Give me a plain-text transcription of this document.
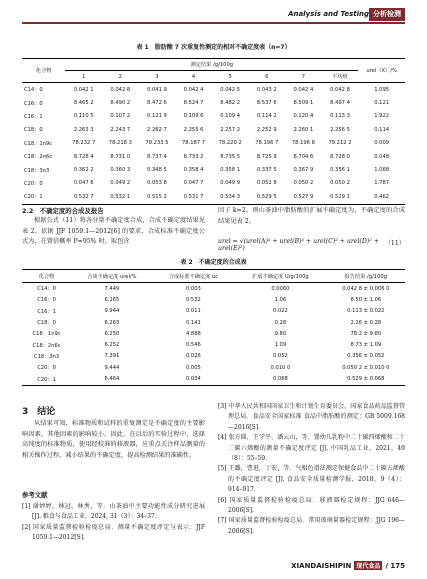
Analysis and Testing 分析检测
表 1　脂肪酸 7 次重复性测定的相对不确定度表（n=7）
化合物	测定结果 /g/100g								urel（X）/%
	1	2	3	4	5	6	7	平均值	
C14：0	0.042 1	0.042 8	0.041 9	0.042 4	0.042 5	0.043 2	0.042 4	0.042 8	1.095
C16：0	8.465 2	8.490 2	8.472 6	8.524 7	8.482 2	8.537 6	8.509 1	8.497 4	0.121
C16：1	0.110 5	0.107 2	0.121 9	0.109 6	0.109 4	0.114 2	0.120 4	0.113 3	1.922
C18：0	2.263 3	2.243 7	2.262 7	2.255 6	2.257 2	2.252 9	2.260 1	2.256 5	0.114
C18：1n9c	78.232 7	78.218 3	78.233 5	78.187 7	78.220 2	78.196 7	78.196 8	78.212 2	0.009
C18：2n6c	8.728 4	8.731 0	8.737 4	8.733 2	8.735 5	8.725 9	8.704 6	8.728 0	0.048
C18：3n3	0.362 2	0.360 3	0.348 5	0.358 4	0.358 1	0.337 5	0.367 9	0.356 1	1.068
C20：0	0.047 6	0.049 2	0.053 8	0.047 7	0.049 9	0.052 8	0.050 2	0.050 2	1.787
C20：1	0.532 7	0.532 1	0.515 2	0.531 7	0.534 3	0.529 5	0.527 9	0.529 1	0.462
2.2　不确定度的合成及报告
根据公式（11）将各分量不确定度合成，合成不确定度结果见表 2。依据 JJF 1059.1—2012[6] 的要求，合成标准不确定度公式为，在置信概率 P=95% 时，取包含
因子 k=2，则山茶油中脂肪酸的扩展不确定度为，不确定度的合成结果见表 2。
urel = √(urel(A)² + urel(B)² + urel(C)² + urel(D)² + urel(E)²)
（11）
表 2　不确定度的合成表
化合物	合成不确定度 urel/%	合成标准不确定度 uc	扩展不确定度 U/g/100g	报告结果 /g/100g
C14：0	7.449	0.003	0.0060	0.042 8 ± 0.006 0
C16：0	6.265	0.532	1.06	8.50 ± 1.06
C16：1	9.944	0.011	0.022	0.113 ± 0.022
C18：0	6.263	0.141	0.28	2.26 ± 0.28
C18：1n9c	6.250	4.888	9.80	78.2 ± 9.80
C18：2n6c	6.252	0.546	1.09	8.73 ± 1.09
C18：3n3	7.391	0.026	0.052	0.356 ± 0.052
C20：0	9.444	0.005	0.010 0	0.050 2 ± 0.010 0
C20：1	6.464	0.034	0.068	0.529 ± 0.068
3　结论
从结果可知，标准物质和试样的重复测定是不确定度的主要影响因素，其他因素的影响较小。因此，在以后的实验过程中，选择高纯度的标准物质，使用经校准的移液器，应重点关注样品测量的相关操作过程，减小结果的不确定度，提高检测结果的准确性。
参考文献

[1] 谢婷婷，林冠，林秀，等．山茶油中主要功能性成分研究进展 [J]. 粮食与食品工业，2024, 31（3）：34–37.

[2] 国家质量监督检验检疫总局．测量不确定度评定与表示：JJF 1059.1—2012[S].

[3] 中华人民共和国国家卫生和计划生育委员会，国家食品药品监督管理总局．食品安全国家标准 食品中脂肪酸的测定：GB 5009.168—2016[S].

[4] 张方圆，王学平，潘云山，等．婴幼儿乳粉中二十碳四烯酸和二十二碳六烯酸的测量不确定度评定 [J]. 中国乳品工业，2021，49（8）：55–59.

[5] 王璐，曹进，丁宏，等．气相色谱法测定保健食品中二十碳五烯酸的不确定度评定 [J]. 食品安全质量检测学报，2018，9（4）：914–917.

[6] 国家质量监督检验检疫总局．移液器检定规程：JJG 646—2006[S].

[7] 国家质量监督检验检疫总局．常用玻璃量器检定规程：JJG 196—2006[S].

XIANDAISHIPIN 现代食品 / 175
